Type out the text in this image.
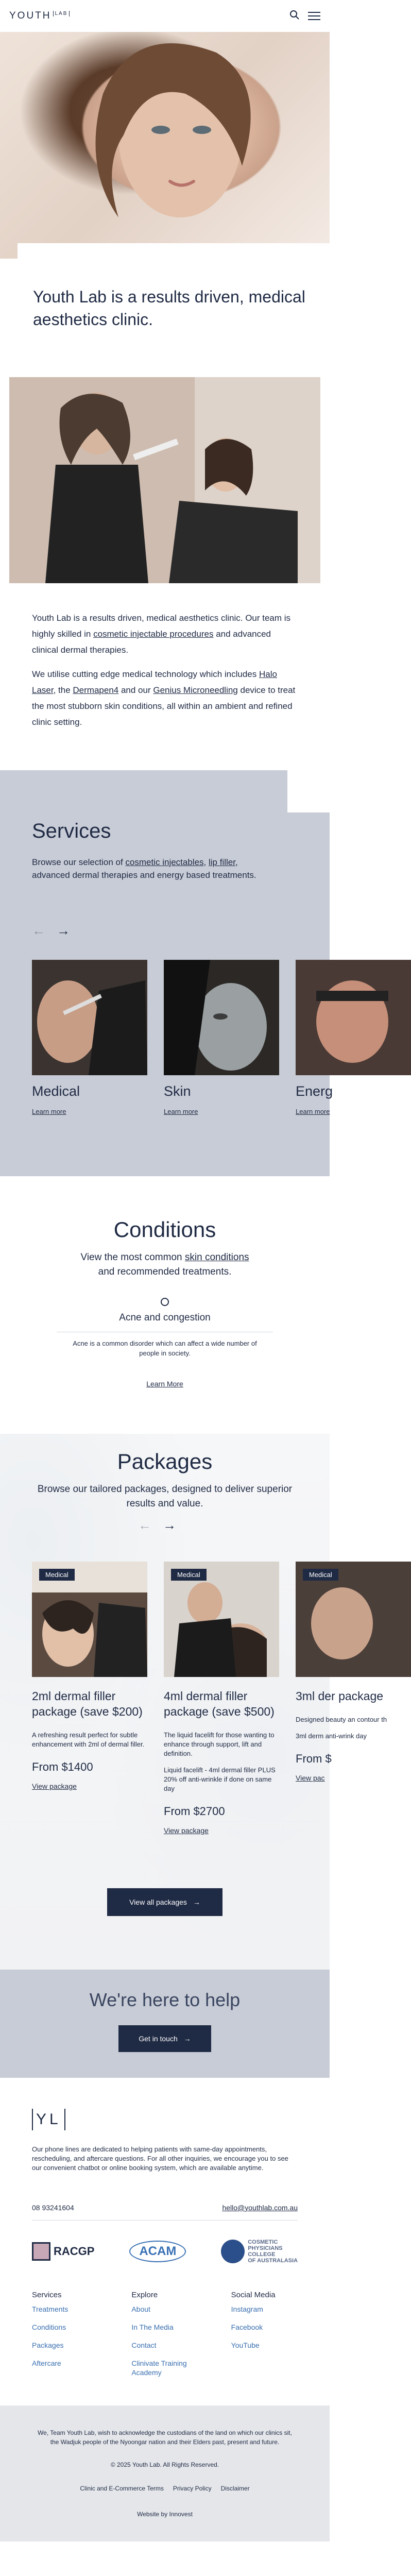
YOUTH LAB
Youth Lab is a results driven, medical aesthetics clinic.

Youth Lab is a results driven, medical aesthetics clinic. Our team is highly skilled in cosmetic injectable procedures and advanced clinical dermal therapies.

We utilise cutting edge medical technology which includes Halo Laser, the Dermapen4 and our Genius Microneedling device to treat the most stubborn skin conditions, all within an ambient and refined clinic setting.

Services
Browse our selection of cosmetic injectables, lip filler, advanced dermal therapies and energy based treatments.
← →
Medical
Learn more
Skin
Learn more
Energ
Learn more
Conditions
View the most common skin conditions
and recommended treatments.
Acne and congestion
Acne is a common disorder which can affect a wide number of people in society.
Learn More
Packages
Browse our tailored packages, designed to deliver superior results and value.
← →
Medical
2ml dermal filler package (save $200)

A refreshing result perfect for subtle enhancement with 2ml of dermal filler.

From $1400
View package
Medical
4ml dermal filler package (save $500)

The liquid facelift for those wanting to enhance through support, lift and definition.

Liquid facelift - 4ml dermal filler PLUS 20% off anti-wrinkle if done on same day

From $2700
View package
Medical
3ml der package

Designed beauty an contour th

3ml derm anti-wrink day

From $
View pac
View all packages →
We're here to help
Get in touch →
YL
Our phone lines are dedicated to helping patients with same-day appointments, rescheduling, and aftercare questions. For all other inquiries, we encourage you to see our convenient chatbot or online booking system, which are available anytime.
08 93241604	hello@youthlab.com.au
RACGP	ACAM
COSMETIC
PHYSICIANS
COLLEGE
OF AUSTRALASIA
Services
Treatments
Conditions
Packages
Aftercare
Explore
About
In The Media
Contact
Clinivate Training Academy
Social Media
Instagram
Facebook
YouTube
We, Team Youth Lab, wish to acknowledge the custodians of the land on which our clinics sit, the Wadjuk people of the Nyoongar nation and their Elders past, present and future.
© 2025 Youth Lab. All Rights Reserved.
Clinic and E-Commerce Terms Privacy Policy Disclaimer
Website by Innovest
